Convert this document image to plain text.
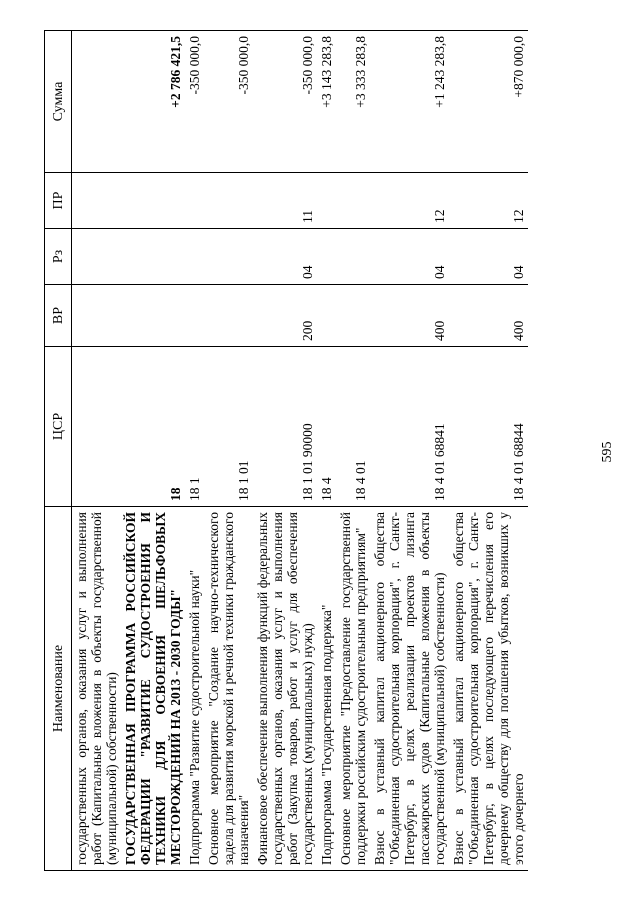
595
Наименование	ЦСР	ВР	Рз	ПР	Сумма
государственных органов, оказания услуг и выполнения работ (Капитальные вложения в объекты государственной (муниципальной) собственности)					
ГОСУДАРСТВЕННАЯ ПРОГРАММА РОССИЙСКОЙ ФЕДЕРАЦИИ "РАЗВИТИЕ СУДОСТРОЕНИЯ И ТЕХНИКИ ДЛЯ ОСВОЕНИЯ ШЕЛЬФОВЫХ МЕСТОРОЖДЕНИЙ НА 2013 - 2030 ГОДЫ"	18				+2 786 421,5
Подпрограмма "Развитие судостроительной науки"	18 1				-350 000,0
Основное мероприятие "Создание научно-технического задела для развития морской и речной техники гражданского назначения"	18 1 01				-350 000,0
Финансовое обеспечение выполнения функций федеральных государственных органов, оказания услуг и выполнения работ (Закупка товаров, работ и услуг для обеспечения государственных (муниципальных) нужд)	18 1 01 90000	200	04	11	-350 000,0
Подпрограмма "Государственная поддержка"	18 4				+3 143 283,8
Основное мероприятие "Предоставление государственной поддержки российским судостроительным предприятиям"	18 4 01				+3 333 283,8
Взнос в уставный капитал акционерного общества "Объединенная судостроительная корпорация", г. Санкт-Петербург, в целях реализации проектов лизинга пассажирских судов (Капитальные вложения в объекты государственной (муниципальной) собственности)	18 4 01 68841	400	04	12	+1 243 283,8
Взнос в уставный капитал акционерного общества "Объединенная судостроительная корпорация", г. Санкт-Петербург, в целях последующего перечисления его дочернему обществу для погашения убытков, возникших у этого дочернего	18 4 01 68844	400	04	12	+870 000,0
